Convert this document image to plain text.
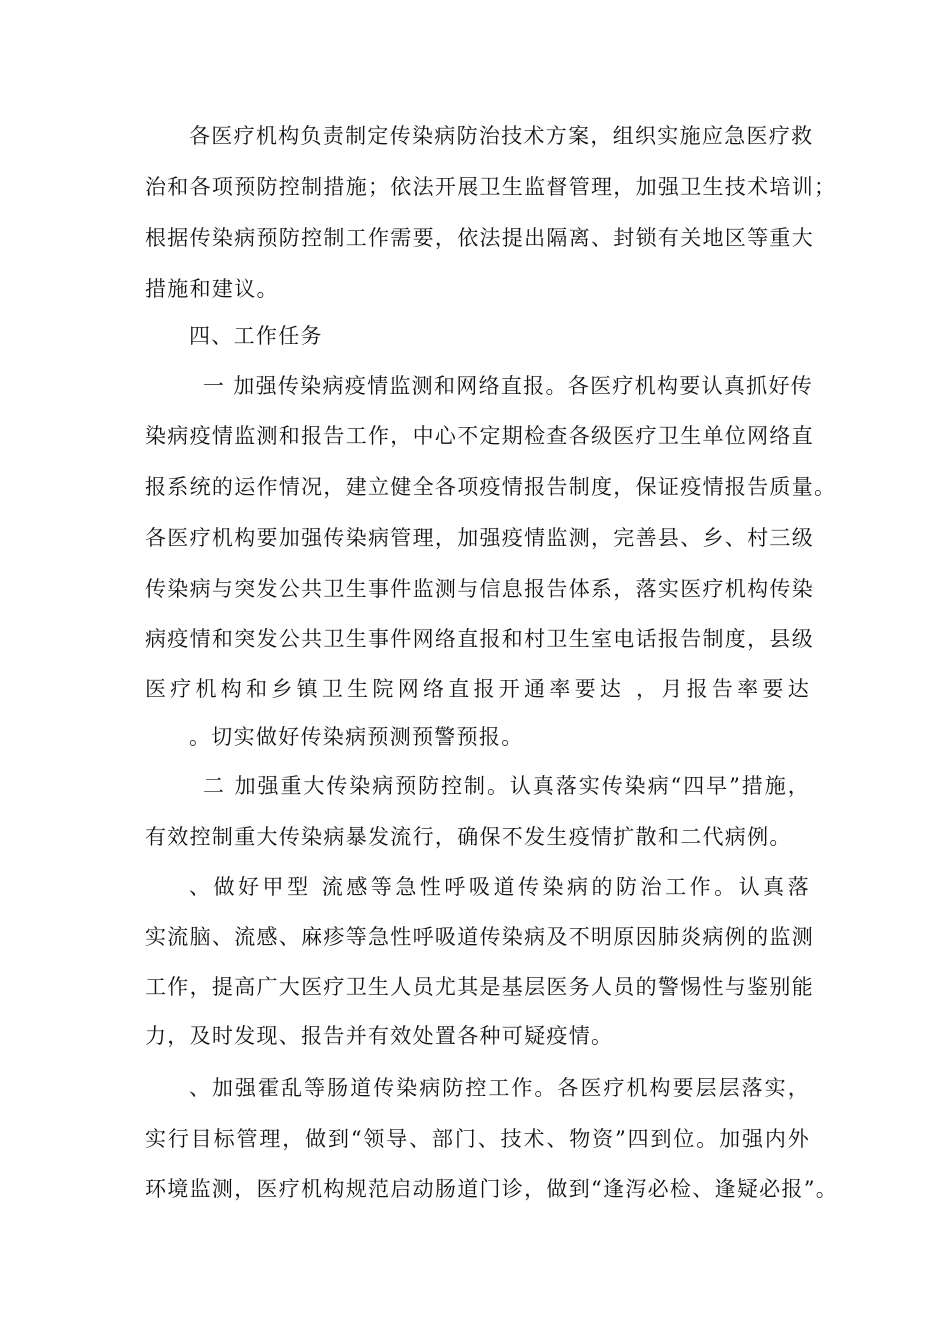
各医疗机构负责制定传染病防治技术方案，组织实施应急医疗救
治和各项预防控制措施；依法开展卫生监督管理，加强卫生技术培训；
根据传染病预防控制工作需要，依法提出隔离、封锁有关地区等重大
措施和建议。
四、工作任务
一 加强传染病疫情监测和网络直报。各医疗机构要认真抓好传
染病疫情监测和报告工作，中心不定期检查各级医疗卫生单位网络直
报系统的运作情况，建立健全各项疫情报告制度，保证疫情报告质量。
各医疗机构要加强传染病管理，加强疫情监测，完善县、乡、村三级
传染病与突发公共卫生事件监测与信息报告体系，落实医疗机构传染
病疫情和突发公共卫生事件网络直报和村卫生室电话报告制度，县级
医疗机构和乡镇卫生院网络直报开通率要达 ，月报告率要达
。切实做好传染病预测预警预报。
二 加强重大传染病预防控制。认真落实传染病“四早”措施，
有效控制重大传染病暴发流行，确保不发生疫情扩散和二代病例。
、做好甲型 流感等急性呼吸道传染病的防治工作。认真落
实流脑、流感、麻疹等急性呼吸道传染病及不明原因肺炎病例的监测
工作，提高广大医疗卫生人员尤其是基层医务人员的警惕性与鉴别能
力，及时发现、报告并有效处置各种可疑疫情。
、加强霍乱等肠道传染病防控工作。各医疗机构要层层落实，
实行目标管理，做到“领导、部门、技术、物资”四到位。加强内外
环境监测，医疗机构规范启动肠道门诊，做到“逢泻必检、逢疑必报”。
